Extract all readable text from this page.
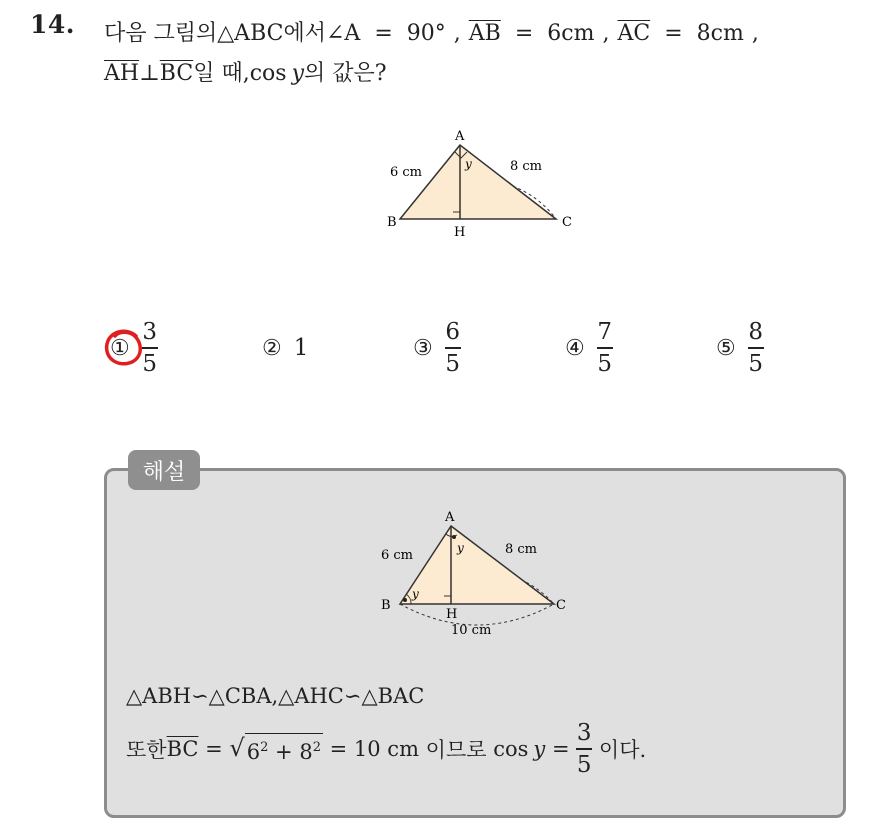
14. 다음 그림의 △ABC 에서 ∠A = 90° , $\overline{AB} = 6cm$ , $\overline{AC} = 8cm$ ,
$\overline{AH}$ ⊥ $\overline{BC}$ 일 때, cos y 의 값은?
A
B	C
H
6 cm	8 cm
y
① $\frac{3}{5}$	② 1	③ $\frac{6}{5}$	④ $\frac{7}{5}$	⑤ $\frac{8}{5}$
해설
A
B	C
H
6 cm	8 cm
10 cm
y
y
△ABH ∽ △CBA, △AHC ∽ △BAC
또한 $\overline{BC}$ = √ $6^2 + 8^2 = 10$ cm 이므로 $\cos y = \frac{3}{5}$ 이다.
